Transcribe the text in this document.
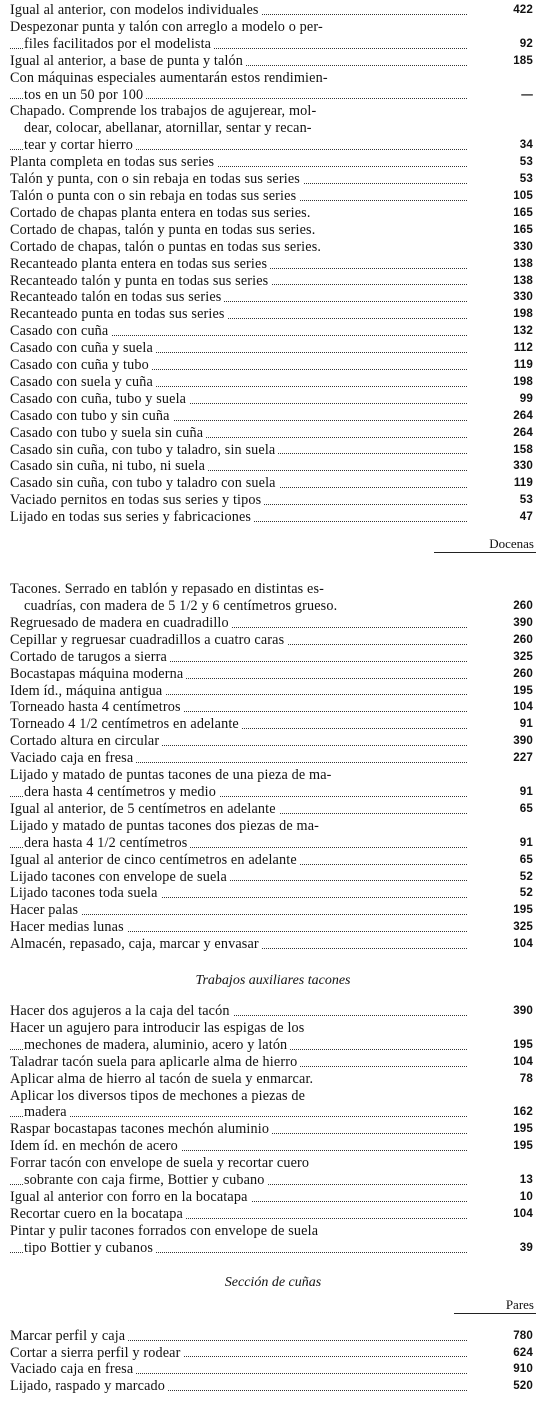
Igual al anterior, con modelos individuales	422
Despezonar punta y talón con arreglo a modelo o per-
files facilitados por el modelista	92
Igual al anterior, a base de punta y talón	185
Con máquinas especiales aumentarán estos rendimien-
tos en un 50 por 100	—
Chapado. Comprende los trabajos de agujerear, mol-
dear, colocar, abellanar, atornillar, sentar y recan-
tear y cortar hierro	34
Planta completa en todas sus series	53
Talón y punta, con o sin rebaja en todas sus series	53
Talón o punta con o sin rebaja en todas sus series	105
Cortado de chapas planta entera en todas sus series.	165
Cortado de chapas, talón y punta en todas sus series.	165
Cortado de chapas, talón o puntas en todas sus series.	330
Recanteado planta entera en todas sus series	138
Recanteado talón y punta en todas sus series	138
Recanteado talón en todas sus series	330
Recanteado punta en todas sus series	198
Casado con cuña	132
Casado con cuña y suela	112
Casado con cuña y tubo	119
Casado con suela y cuña	198
Casado con cuña, tubo y suela	99
Casado con tubo y sin cuña	264
Casado con tubo y suela sin cuña	264
Casado sin cuña, con tubo y taladro, sin suela	158
Casado sin cuña, ni tubo, ni suela	330
Casado sin cuña, con tubo y taladro con suela	119
Vaciado pernitos en todas sus series y tipos	53
Lijado en todas sus series y fabricaciones	47
Docenas
Tacones. Serrado en tablón y repasado en distintas es-
cuadrías, con madera de 5 1/2 y 6 centímetros grueso.	260
Regruesado de madera en cuadradillo	390
Cepillar y regruesar cuadradillos a cuatro caras	260
Cortado de tarugos a sierra	325
Bocastapas máquina moderna	260
Idem íd., máquina antigua	195
Torneado hasta 4 centímetros	104
Torneado 4 1/2 centímetros en adelante	91
Cortado altura en circular	390
Vaciado caja en fresa	227
Lijado y matado de puntas tacones de una pieza de ma-
dera hasta 4 centímetros y medio	91
Igual al anterior, de 5 centímetros en adelante	65
Lijado y matado de puntas tacones dos piezas de ma-
dera hasta 4 1/2 centímetros	91
Igual al anterior de cinco centímetros en adelante	65
Lijado tacones con envelope de suela	52
Lijado tacones toda suela	52
Hacer palas	195
Hacer medias lunas	325
Almacén, repasado, caja, marcar y envasar	104
Trabajos auxiliares tacones
Hacer dos agujeros a la caja del tacón	390
Hacer un agujero para introducir las espigas de los
mechones de madera, aluminio, acero y latón	195
Taladrar tacón suela para aplicarle alma de hierro	104
Aplicar alma de hierro al tacón de suela y enmarcar.	78
Aplicar los diversos tipos de mechones a piezas de
madera	162
Raspar bocastapas tacones mechón aluminio	195
Idem íd. en mechón de acero	195
Forrar tacón con envelope de suela y recortar cuero
sobrante con caja firme, Bottier y cubano	13
Igual al anterior con forro en la bocatapa	10
Recortar cuero en la bocatapa	104
Pintar y pulir tacones forrados con envelope de suela
tipo Bottier y cubanos	39
Sección de cuñas
Pares
Marcar perfil y caja	780
Cortar a sierra perfil y rodear	624
Vaciado caja en fresa	910
Lijado, raspado y marcado	520
